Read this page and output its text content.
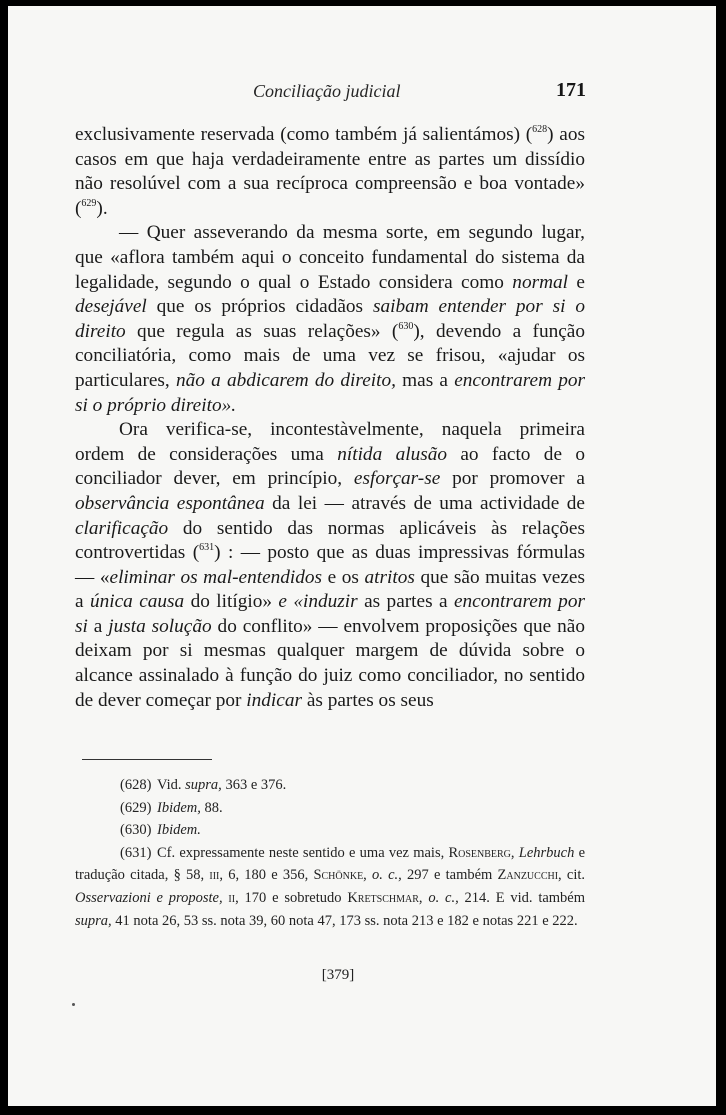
Conciliação judicial	171

exclusivamente reservada (como também já salientámos) ($^{628}$) aos casos em que haja verdadeiramente entre as partes um dissídio não resolúvel com a sua recíproca compreensão e boa vontade» ($^{629}$).

— Quer asseverando da mesma sorte, em segundo lugar, que «aflora também aqui o conceito fundamental do sistema da legalidade, segundo o qual o Estado considera como normal e desejável que os próprios cidadãos saibam entender por si o direito que regula as suas relações» ($^{630}$), devendo a função conciliatória, como mais de uma vez se frisou, «ajudar os particulares, não a abdicarem do direito, mas a encontrarem por si o próprio direito».

Ora verifica-se, incontestàvelmente, naquela primeira ordem de considerações uma nítida alusão ao facto de o conciliador dever, em princípio, esforçar-se por promover a observância espontânea da lei — através de uma actividade de clarificação do sentido das normas aplicáveis às relações controvertidas ($^{631}$) : — posto que as duas impressivas fórmulas — «eliminar os mal-entendidos e os atritos que são muitas vezes a única causa do litígio» e «induzir as partes a encontrarem por si a justa solução do conflito» — envolvem proposições que não deixam por si mesmas qualquer margem de dúvida sobre o alcance assinalado à função do juiz como conciliador, no sentido de dever começar por indicar às partes os seus

(628) Vid. supra, 363 e 376.

(629) Ibidem, 88.

(630) Ibidem.

(631) Cf. expressamente neste sentido e uma vez mais, Rosenberg, Lehrbuch e tradução citada, § 58, iii, 6, 180 e 356, Schönke, o. c., 297 e também Zanzucchi, cit. Osservazioni e proposte, ii, 170 e sobretudo Kretschmar, o. c., 214. E vid. também supra, 41 nota 26, 53 ss. nota 39, 60 nota 47, 173 ss. nota 213 e 182 e notas 221 e 222.

[379]
